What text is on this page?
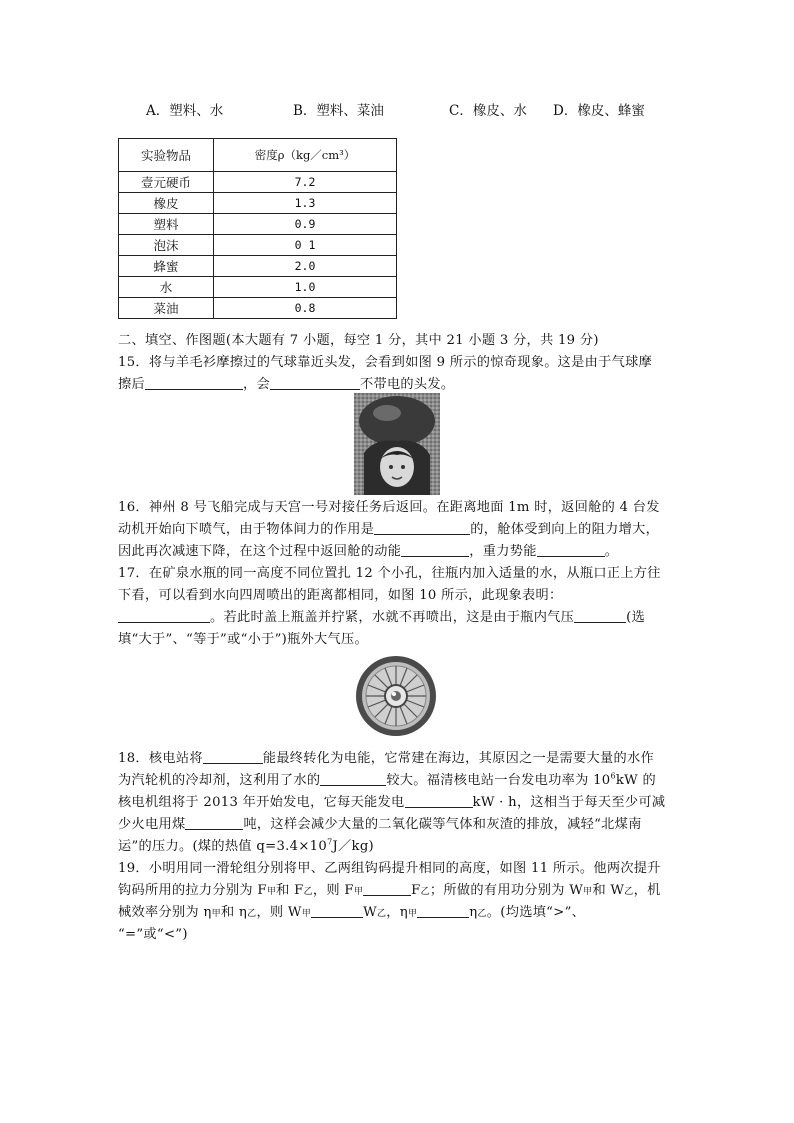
A．塑料、水	B．塑料、菜油	C．橡皮、水 D．橡皮、蜂蜜
实验物品	密度ρ（kg／cm³）
壹元硬币	7.2
橡皮	1.3
塑料	0.9
泡沫	0 1
蜂蜜	2.0
水	1.0
菜油	0.8
二、填空、作图题(本大题有 7 小题，每空 1 分，其中 21 小题 3 分，共 19 分)
15．将与羊毛衫摩擦过的气球靠近头发，会看到如图 9 所示的惊奇现象。这是由于气球摩
擦后	，会	不带电的头发。
16．神州 8 号飞船完成与天宫一号对接任务后返回。在距离地面 1m 时，返回舱的 4 台发
动机开始向下喷气，由于物体间力的作用是	的，舱体受到向上的阻力增大，
因此再次减速下降，在这个过程中返回舱的动能	，重力势能	。
17．在矿泉水瓶的同一高度不同位置扎 12 个小孔，往瓶内加入适量的水，从瓶口正上方往
下看，可以看到水向四周喷出的距离都相同，如图 10 所示，此现象表明：
。若此时盖上瓶盖并拧紧，水就不再喷出，这是由于瓶内气压	(选
填“大于”、“等于”或“小于”)瓶外大气压。
18．核电站将	能最终转化为电能，它常建在海边，其原因之一是需要大量的水作
为汽轮机的冷却剂，这利用了水的	较大。福清核电站一台发电功率为 $10^6kW$ 的
核电机组将于 2013 年开始发电，它每天能发电	kW · h，这相当于每天至少可减
少火电用煤	吨，这样会减少大量的二氧化碳等气体和灰渣的排放，减轻“北煤南
运”的压力。(煤的热值 $q=3.4\times 10^7J/kg$)
19．小明用同一滑轮组分别将甲、乙两组钩码提升相同的高度，如图 11 所示。他两次提升
钩码所用的拉力分别为 F甲和 F乙，则 F甲	F乙；所做的有用功分别为 W甲和 W乙，机
械效率分别为 η甲和 η乙，则 W甲	W乙，η甲	η乙。(均选填“>”、
“=”或“<”)
